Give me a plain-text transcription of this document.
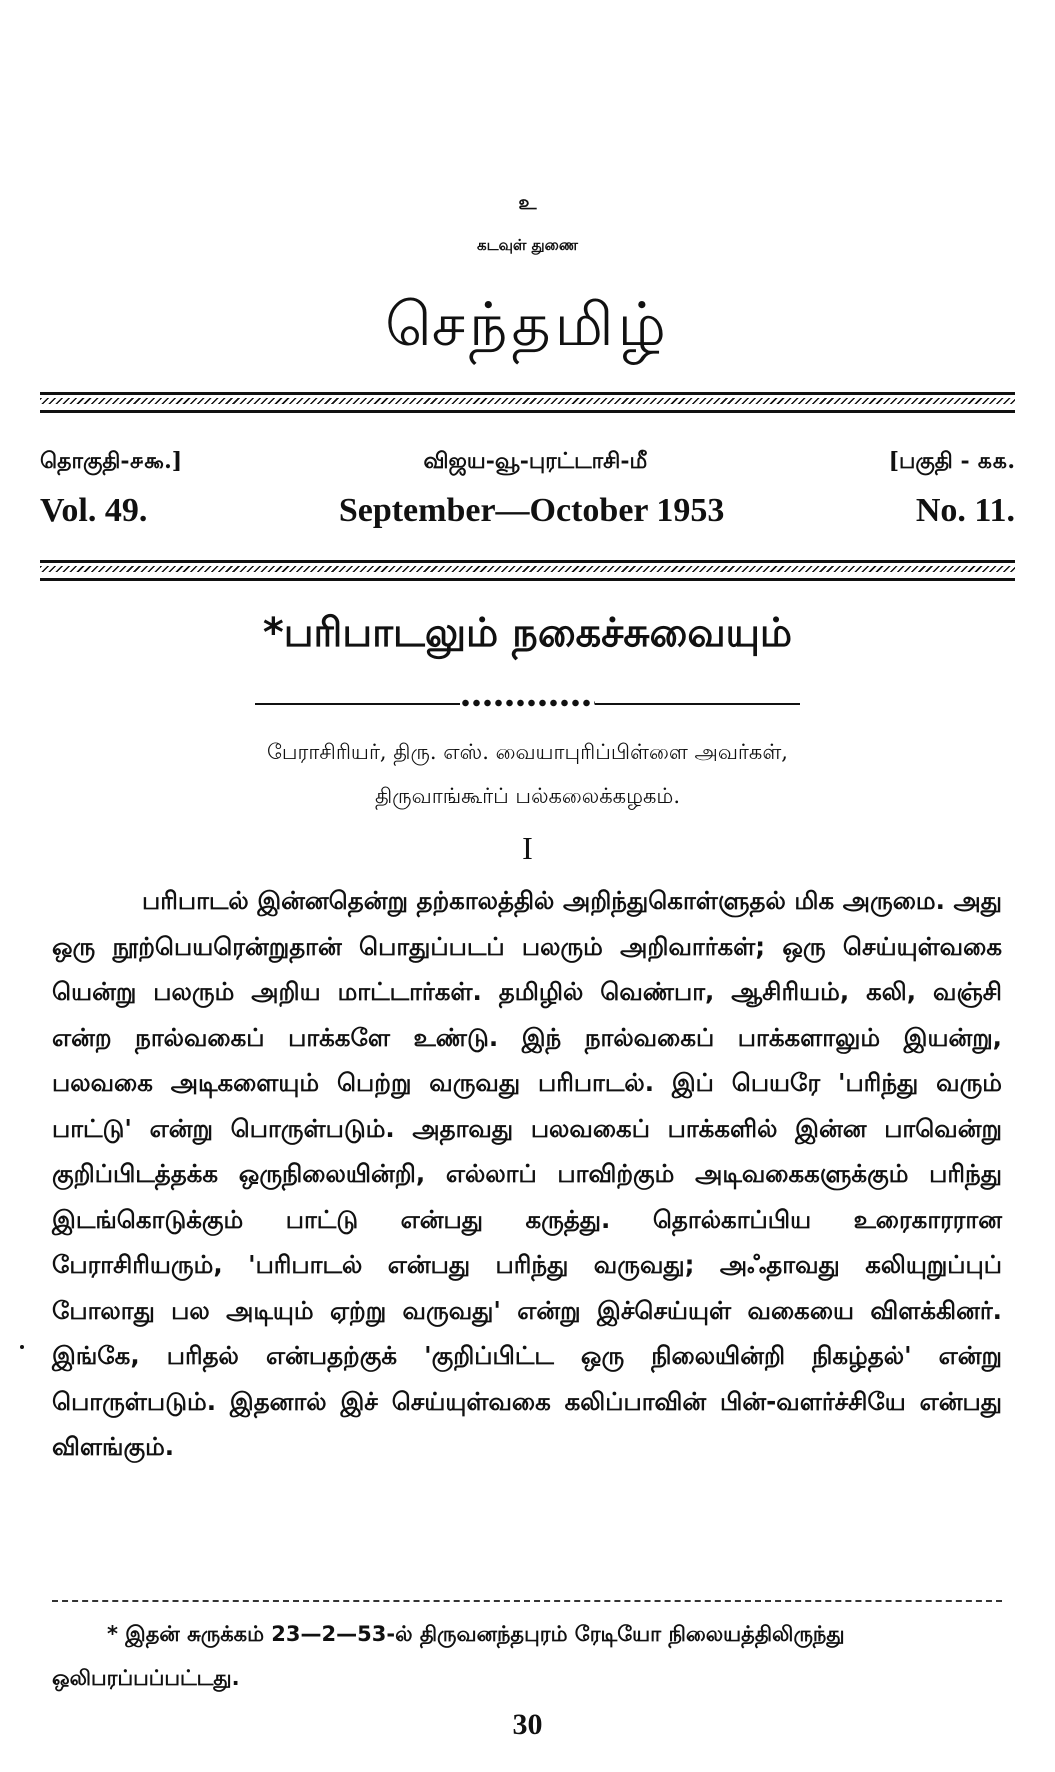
உ
கடவுள் துணை
செந்தமிழ்
தொகுதி-௪௯.]	விஜய-வூ-புரட்டாசி-மீ	[பகுதி - ௧௧.
Vol. 49.	September—October 1953	No. 11.
*பரிபாடலும் நகைச்சுவையும்
பேராசிரியர், திரு. எஸ். வையாபுரிப்பிள்ளை அவர்கள்,
திருவாங்கூர்ப் பல்கலைக்கழகம்.
I

பரிபாடல் இன்னதென்று தற்காலத்தில் அறிந்துகொள்ளுதல் மிக அருமை. அது ஒரு நூற்பெயரென்றுதான் பொதுப்படப் பலரும் அறிவார்கள்; ஒரு செய்யுள்வகை யென்று பலரும் அறிய மாட்டார்கள். தமிழில் வெண்பா, ஆசிரியம், கலி, வஞ்சி என்ற நால்வகைப் பாக்களே உண்டு. இந் நால்வகைப் பாக்களாலும் இயன்று, பலவகை அடிகளையும் பெற்று வருவது பரிபாடல். இப் பெயரே 'பரிந்து வரும் பாட்டு' என்று பொருள்படும். அதாவது பலவகைப் பாக்களில் இன்ன பாவென்று குறிப்பிடத்தக்க ஒருநிலையின்றி, எல்லாப் பாவிற்கும் அடிவகைகளுக்கும் பரிந்து இடங்கொடுக்கும் பாட்டு என்பது கருத்து. தொல்காப்பிய உரைகாரரான பேராசிரியரும், 'பரிபாடல் என்பது பரிந்து வருவது; அஃதாவது கலியுறுப்புப் போலாது பல அடியும் ஏற்று வருவது' என்று இச்செய்யுள் வகையை விளக்கினர். இங்கே, பரிதல் என்பதற்குக் 'குறிப்பிட்ட ஒரு நிலையின்றி நிகழ்தல்' என்று பொருள்படும். இதனால் இச் செய்யுள்வகை கலிப்பாவின் பின்-வளர்ச்சியே என்பது விளங்கும்.

* இதன் சுருக்கம் 23—2—53-ல் திருவனந்தபுரம் ரேடியோ நிலையத்திலிருந்து ஒலிபரப்பப்பட்டது.

30
